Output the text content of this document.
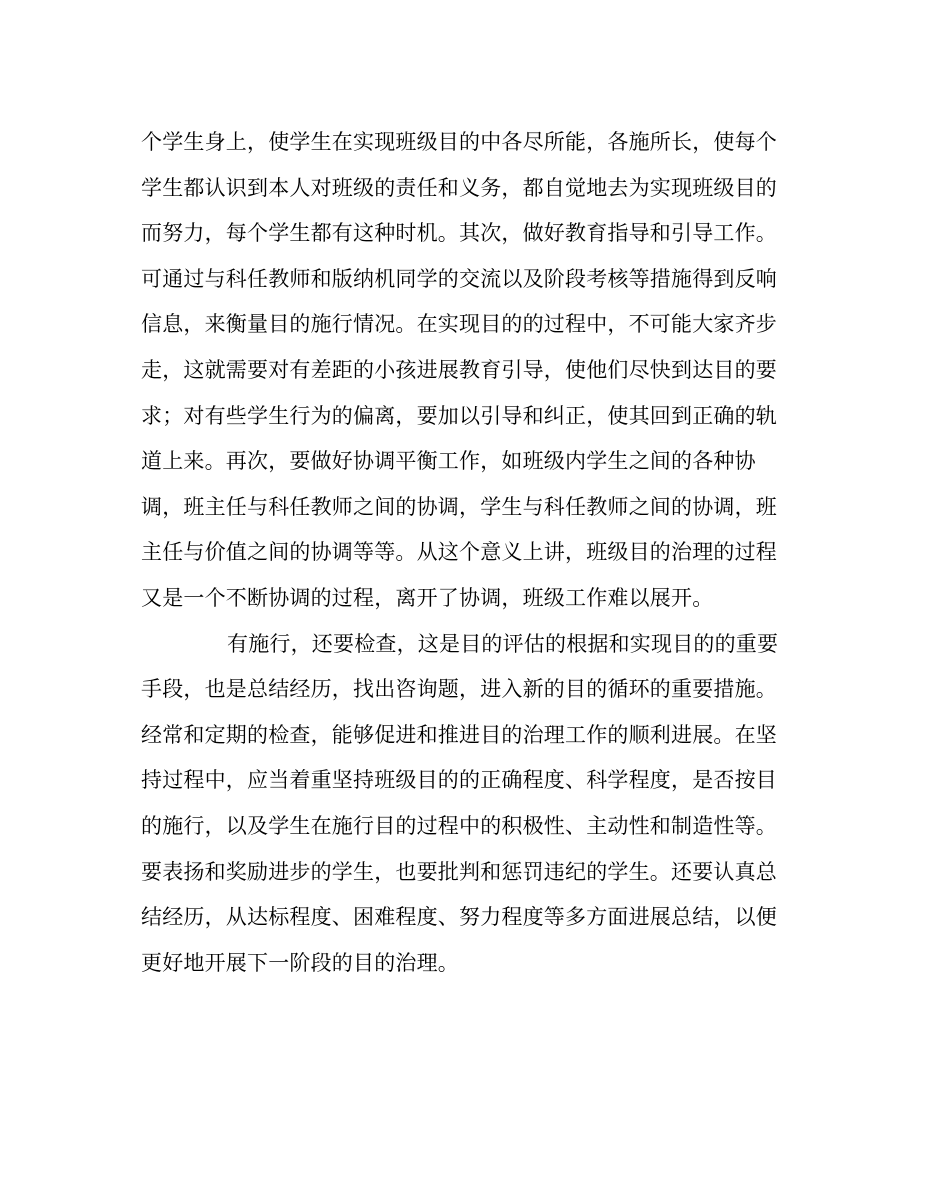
个学生身上，使学生在实现班级目的中各尽所能，各施所长，使每个
学生都认识到本人对班级的责任和义务，都自觉地去为实现班级目的
而努力，每个学生都有这种时机。其次，做好教育指导和引导工作。
可通过与科任教师和版纳机同学的交流以及阶段考核等措施得到反响
信息，来衡量目的施行情况。在实现目的的过程中，不可能大家齐步
走，这就需要对有差距的小孩进展教育引导，使他们尽快到达目的要
求；对有些学生行为的偏离，要加以引导和纠正，使其回到正确的轨
道上来。再次，要做好协调平衡工作，如班级内学生之间的各种协
调，班主任与科任教师之间的协调，学生与科任教师之间的协调，班
主任与价值之间的协调等等。从这个意义上讲，班级目的治理的过程
又是一个不断协调的过程，离开了协调，班级工作难以展开。
有施行，还要检查，这是目的评估的根据和实现目的的重要
手段，也是总结经历，找出咨询题，进入新的目的循环的重要措施。
经常和定期的检查，能够促进和推进目的治理工作的顺利进展。在坚
持过程中，应当着重坚持班级目的的正确程度、科学程度，是否按目
的施行，以及学生在施行目的过程中的积极性、主动性和制造性等。
要表扬和奖励进步的学生，也要批判和惩罚违纪的学生。还要认真总
结经历，从达标程度、困难程度、努力程度等多方面进展总结，以便
更好地开展下一阶段的目的治理。
